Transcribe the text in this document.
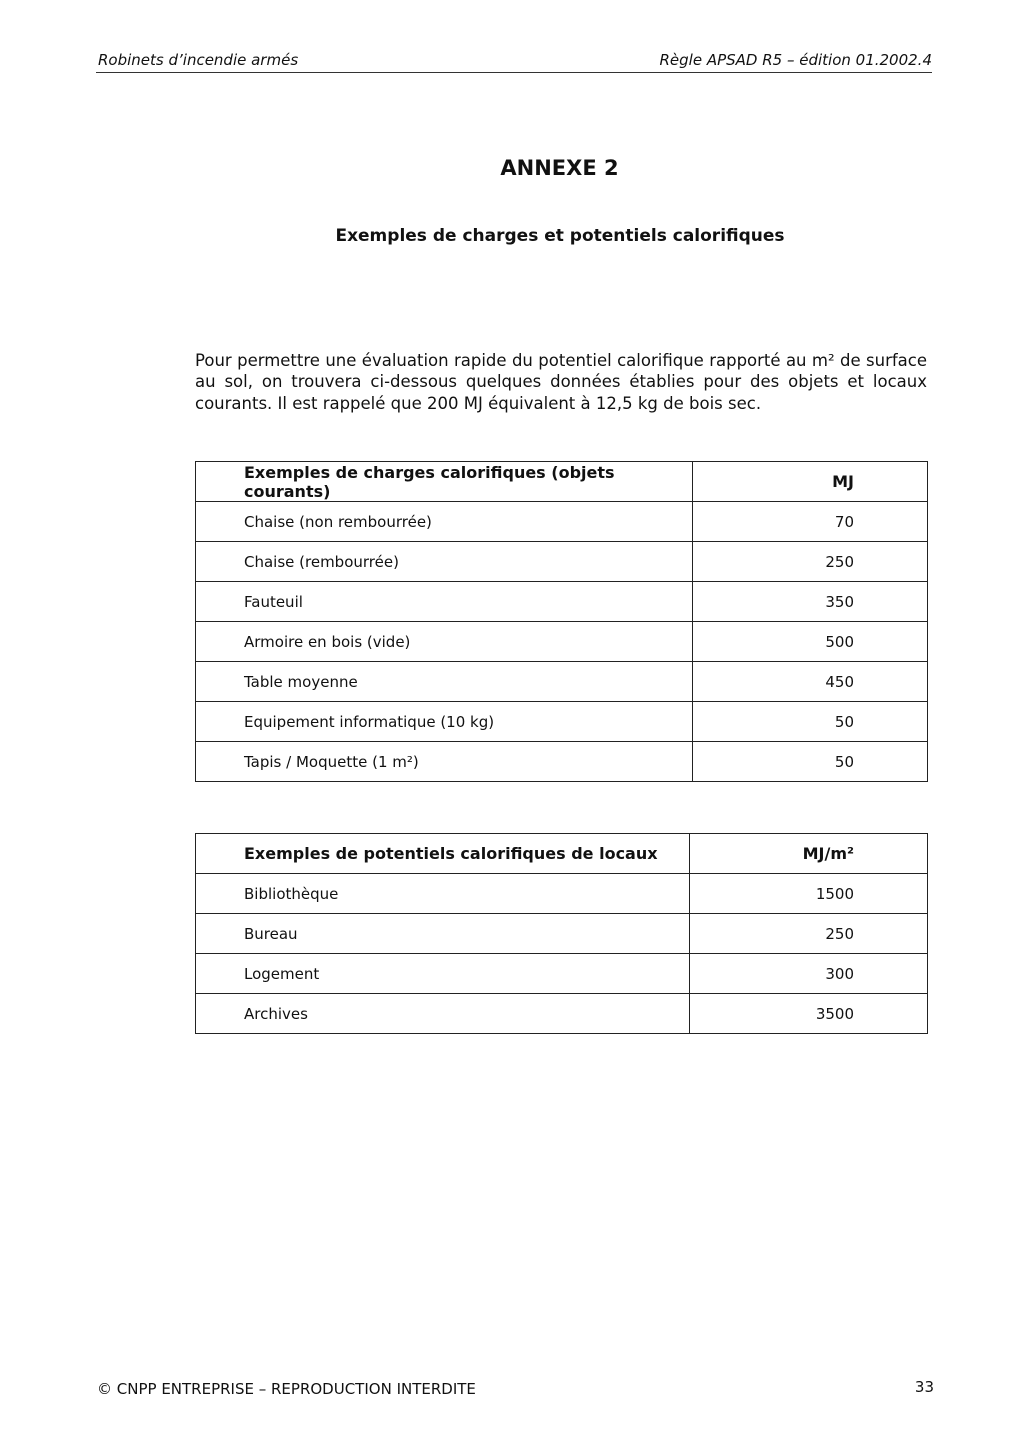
Robinets d’incendie armés	Règle APSAD R5 – édition 01.2002.4
ANNEXE 2
Exemples de charges et potentiels calorifiques

Pour permettre une évaluation rapide du potentiel calorifique rapporté au m² de surface au sol, on trouvera ci-dessous quelques données établies pour des objets et locaux courants. Il est rappelé que 200 MJ équivalent à 12,5 kg de bois sec.

Exemples de charges calorifiques (objets courants)	MJ
Chaise (non rembourrée)	70
Chaise (rembourrée)	250
Fauteuil	350
Armoire en bois (vide)	500
Table moyenne	450
Equipement informatique (10 kg)	50
Tapis / Moquette (1 m²)	50
Exemples de potentiels calorifiques de locaux	MJ/m²
Bibliothèque	1500
Bureau	250
Logement	300
Archives	3500
© CNPP ENTREPRISE – REPRODUCTION INTERDITE	33
